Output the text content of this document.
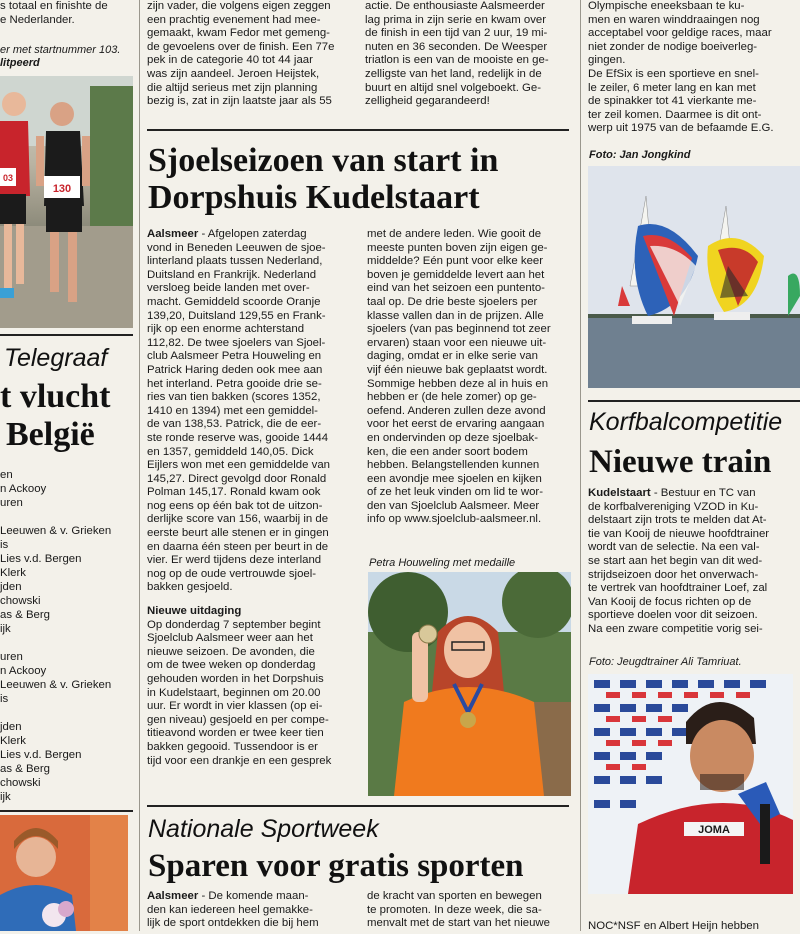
s totaal en finishte de

e Nederlander.

er met startnummer 103.
litpeerd
130
03
Telegraaf
t vlucht
België
en
n Ackooy
uren
Leeuwen & v. Grieken
is
Lies v.d. Bergen
Klerk
jden
chowski
as & Berg
ijk
uren
n Ackooy
Leeuwen & v. Grieken
is
jden
Klerk
Lies v.d. Bergen
as & Berg
chowski
ijk

zijn vader, die volgens eigen zeggen

een prachtig evenement had mee-

gemaakt, kwam Fedor met gemeng-

de gevoelens over de finish. Een 77e

pek in de categorie 40 tot 44 jaar

was zijn aandeel. Jeroen Heijstek,

die altijd serieus met zijn planning

bezig is, zat in zijn laatste jaar als 55

actie. De enthousiaste Aalsmeerder

lag prima in zijn serie en kwam over

de finish in een tijd van 2 uur, 19 mi-

nuten en 36 seconden. De Weesper

triatlon is een van de mooiste en ge-

zelligste van het land, redelijk in de

buurt en altijd snel volgeboekt. Ge-

zelligheid gegarandeerd!

Sjoelseizoen van start in
Dorpshuis Kudelstaart

Aalsmeer - Afgelopen zaterdag

vond in Beneden Leeuwen de sjoe-

linterland plaats tussen Nederland,

Duitsland en Frankrijk. Nederland

versloeg beide landen met over-

macht. Gemiddeld scoorde Oranje

139,20, Duitsland 129,55 en Frank-

rijk op een enorme achterstand

112,82. De twee sjoelers van Sjoel-

club Aalsmeer Petra Houweling en

Patrick Haring deden ook mee aan

het interland. Petra gooide drie se-

ries van tien bakken (scores 1352,

1410 en 1394) met een gemiddel-

de van 138,53. Patrick, die de eer-

ste ronde reserve was, gooide 1444

en 1357, gemiddeld 140,05. Dick

Eijlers won met een gemiddelde van

145,27. Direct gevolgd door Ronald

Polman 145,17. Ronald kwam ook

nog eens op één bak tot de uitzon-

derlijke score van 156, waarbij in de

eerste beurt alle stenen er in gingen

en daarna één steen per beurt in de

vier. Er werd tijdens deze interland

nog op de oude vertrouwde sjoel-

bakken gesjoeld.

Nieuwe uitdaging

Op donderdag 7 september begint

Sjoelclub Aalsmeer weer aan het

nieuwe seizoen. De avonden, die

om de twee weken op donderdag

gehouden worden in het Dorpshuis

in Kudelstaart, beginnen om 20.00

uur. Er wordt in vier klassen (op ei-

gen niveau) gesjoeld en per compe-

titieavond worden er twee keer tien

bakken gegooid. Tussendoor is er

tijd voor een drankje en een gesprek

met de andere leden. Wie gooit de

meeste punten boven zijn eigen ge-

middelde? Eén punt voor elke keer

boven je gemiddelde levert aan het

eind van het seizoen een puntento-

taal op. De drie beste sjoelers per

klasse vallen dan in de prijzen. Alle

sjoelers (van pas beginnend tot zeer

ervaren) staan voor een nieuwe uit-

daging, omdat er in elke serie van

vijf één nieuwe bak geplaatst wordt.

Sommige hebben deze al in huis en

hebben er (de hele zomer) op ge-

oefend. Anderen zullen deze avond

voor het eerst de ervaring aangaan

en ondervinden op deze sjoelbak-

ken, die een ander soort bodem

hebben. Belangstellenden kunnen

een avondje mee sjoelen en kijken

of ze het leuk vinden om lid te wor-

den van Sjoelclub Aalsmeer. Meer

info op www.sjoelclub-aalsmeer.nl.

Petra Houweling met medaille
Nationale Sportweek
Sparen voor gratis sporten

Aalsmeer - De komende maan-

den kan iedereen heel gemakke-

lijk de sport ontdekken die bij hem

de kracht van sporten en bewegen

te promoten. In deze week, die sa-

menvalt met de start van het nieuwe

Olympische eneeksbaan te ku-

men en waren winddraaingen nog

acceptabel voor geldige races, maar

niet zonder de nodige boeiverleg-

gingen.

De EfSix is een sportieve en snel-

le zeiler, 6 meter lang en kan met

de spinakker tot 41 vierkante me-

ter zeil komen. Daarmee is dit ont-

werp uit 1975 van de befaamde E.G.

Foto: Jan Jongkind
Korfbalcompetitie
Nieuwe train

Kudelstaart - Bestuur en TC van

de korfbalvereniging VZOD in Ku-

delstaart zijn trots te melden dat At-

tie van Kooij de nieuwe hoofdtrainer

wordt van de selectie. Na een val-

se start aan het begin van dit wed-

strijdseizoen door het onverwach-

te vertrek van hoofdtrainer Loef, zal

Van Kooij de focus richten op de

sportieve doelen voor dit seizoen.

Na een zware competitie vorig sei-

Foto: Jeugdtrainer Ali Tamriuat.
JOMA
NOC*NSF en Albert Heijn hebben
